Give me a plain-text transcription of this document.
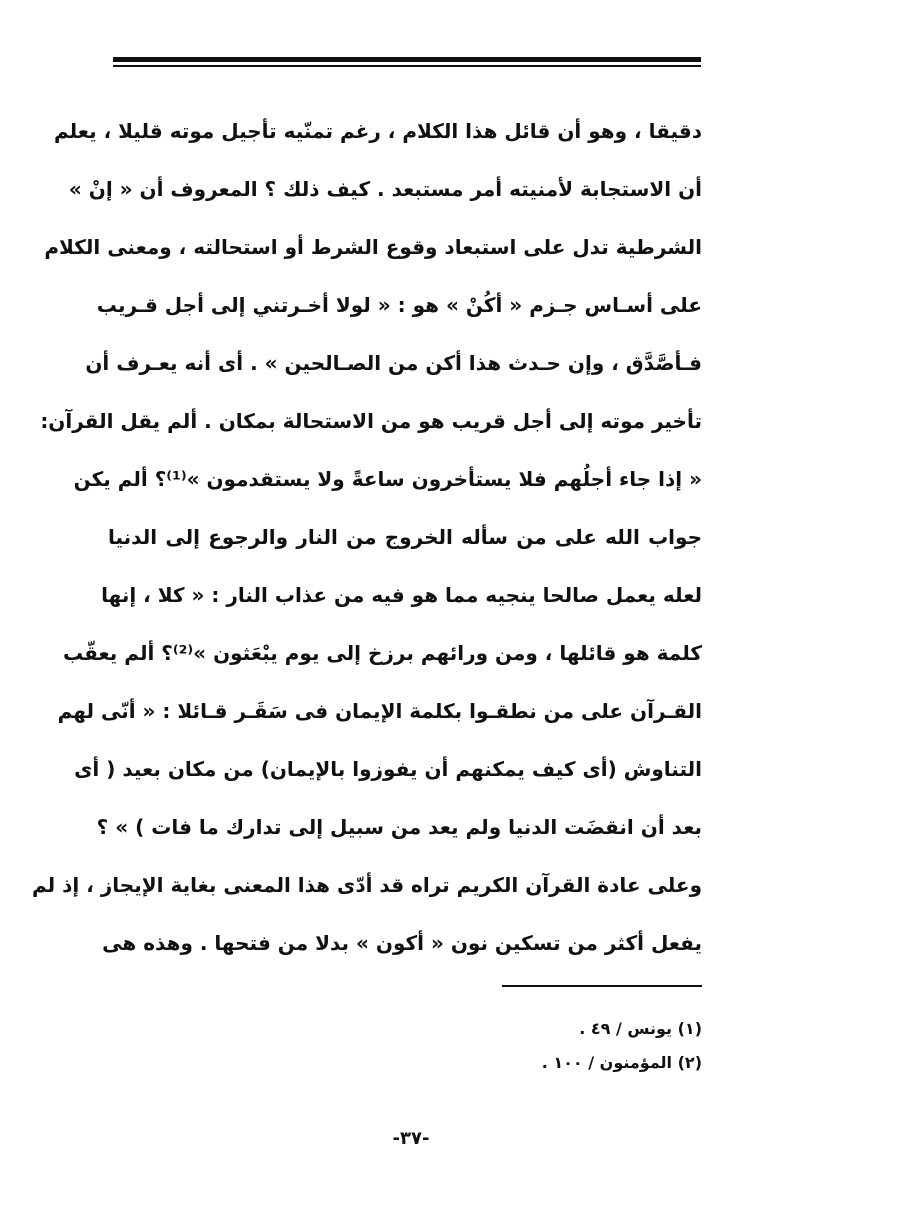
دقيقا ، وهو أن قائل هذا الكلام ، رغم تمنّيه تأجيل موته قليلا ، يعلم
أن الاستجابة لأمنيته أمر مستبعد . كيف ذلك ؟ المعروف أن « إنْ »
الشرطية تدل على استبعاد وقوع الشرط أو استحالته ، ومعنى الكلام
على أسـاس جـزم « أكُنْ » هو : « لولا أخـرتني إلى أجل قـريب
فـأصَّدَّق ، وإن حـدث هذا أكن من الصـالحين » . أى أنه يعـرف أن
تأخير موته إلى أجل قريب هو من الاستحالة بمكان . ألم يقل القرآن:
« إذا جاء أجلُهم فلا يستأخرون ساعةً ولا يستقدمون »⁽¹⁾؟ ألم يكن
جواب الله على من سأله الخروج من النار والرجوع إلى الدنيا
لعله يعمل صالحا ينجيه مما هو فيه من عذاب النار : « كلا ، إنها
كلمة هو قائلها ، ومن ورائهم برزخ إلى يوم يبْعَثون »⁽²⁾؟ ألم يعقّب
القـرآن على من نطقـوا بكلمة الإيمان فى سَقَـر قـائلا : « أنّى لهم
التناوش (أى كيف يمكنهم أن يفوزوا بالإيمان) من مكان بعيد ( أى
بعد أن انقضَت الدنيا ولم يعد من سبيل إلى تدارك ما فات ) » ؟
وعلى عادة القرآن الكريم تراه قد أدّى هذا المعنى بغاية الإيجاز ، إذ لم
يفعل أكثر من تسكين نون « أكون » بدلا من فتحها . وهذه هى
(١) يونس / ٤٩ .
(٢) المؤمنون / ١٠٠ .
-٣٧-
